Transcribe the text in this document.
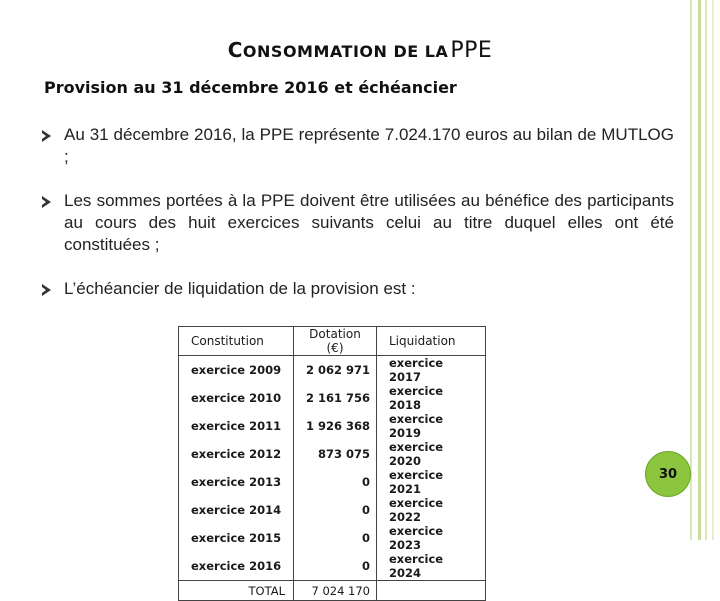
CONSOMMATION DE LAPPE
Provision au 31 décembre 2016 et échéancier
Au 31 décembre 2016, la PPE représente 7.024.170 euros au bilan de MUTLOG ;
Les sommes portées à la PPE doivent être utilisées au bénéfice des participants au cours des huit exercices suivants celui au titre duquel elles ont été constituées ;
L’échéancier de liquidation de la provision est :
Constitution	Dotation (€)	Liquidation
exercice 2009	2 062 971	exercice 2017
exercice 2010	2 161 756	exercice 2018
exercice 2011	1 926 368	exercice 2019
exercice 2012	873 075	exercice 2020
exercice 2013	0	exercice 2021
exercice 2014	0	exercice 2022
exercice 2015	0	exercice 2023
exercice 2016	0	exercice 2024
TOTAL	7 024 170	
30
